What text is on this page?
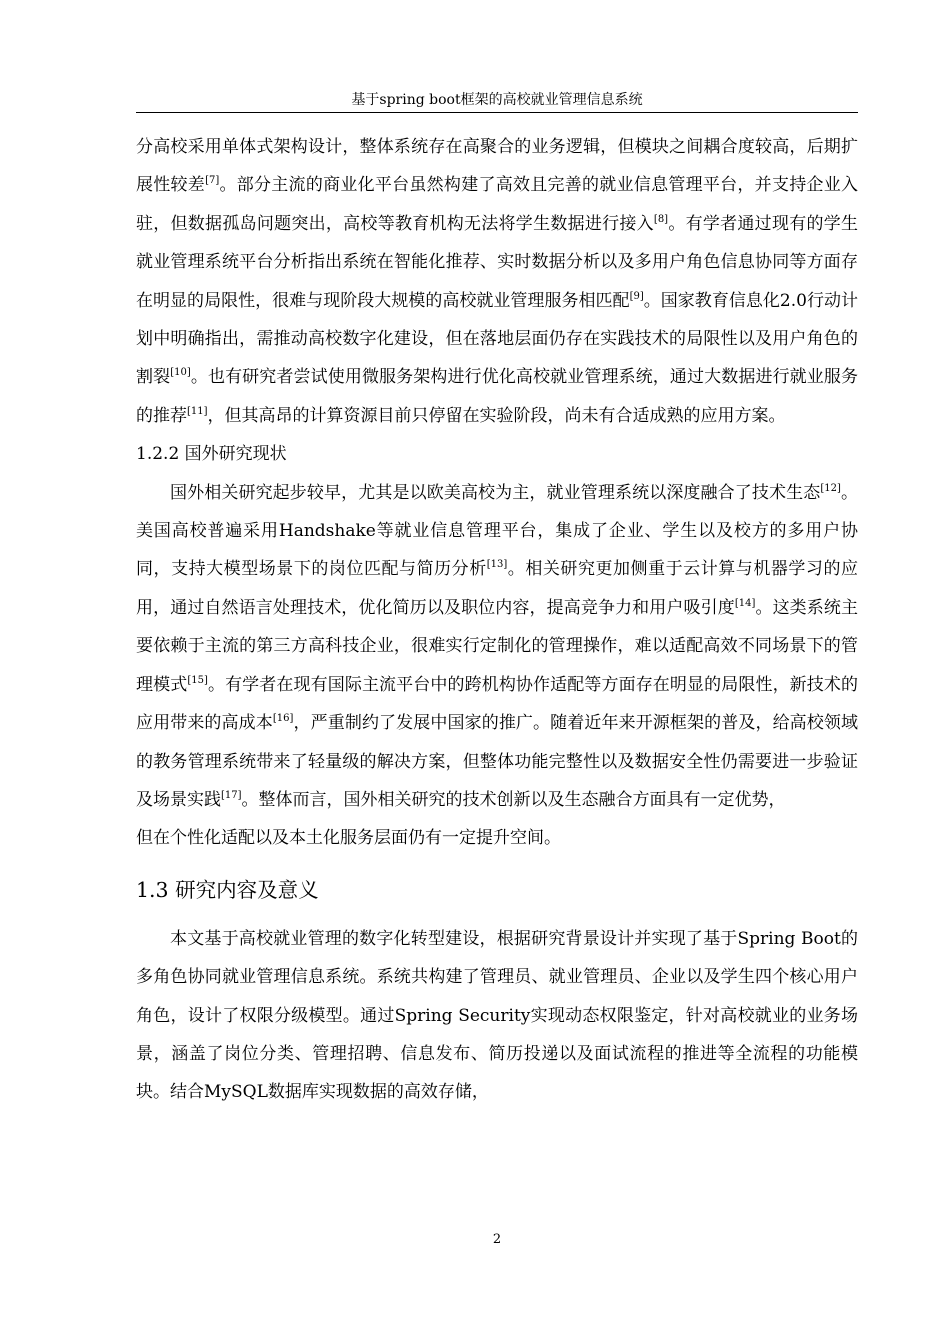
基于spring boot框架的高校就业管理信息系统

分高校采用单体式架构设计，整体系统存在高聚合的业务逻辑，但模块之间耦合度较高，后期扩展性较差[7]。部分主流的商业化平台虽然构建了高效且完善的就业信息管理平台，并支持企业入驻，但数据孤岛问题突出，高校等教育机构无法将学生数据进行接入[8]。有学者通过现有的学生就业管理系统平台分析指出系统在智能化推荐、实时数据分析以及多用户角色信息协同等方面存在明显的局限性，很难与现阶段大规模的高校就业管理服务相匹配[9]。国家教育信息化2.0行动计划中明确指出，需推动高校数字化建设，但在落地层面仍存在实践技术的局限性以及用户角色的割裂[10]。也有研究者尝试使用微服务架构进行优化高校就业管理系统，通过大数据进行就业服务的推荐[11]，但其高昂的计算资源目前只停留在实验阶段，尚未有合适成熟的应用方案。

1.2.2 国外研究现状

国外相关研究起步较早，尤其是以欧美高校为主，就业管理系统以深度融合了技术生态[12]。美国高校普遍采用Handshake等就业信息管理平台，集成了企业、学生以及校方的多用户协同，支持大模型场景下的岗位匹配与简历分析[13]。相关研究更加侧重于云计算与机器学习的应用，通过自然语言处理技术，优化简历以及职位内容，提高竞争力和用户吸引度[14]。这类系统主要依赖于主流的第三方高科技企业，很难实行定制化的管理操作，难以适配高效不同场景下的管理模式[15]。有学者在现有国际主流平台中的跨机构协作适配等方面存在明显的局限性，新技术的应用带来的高成本[16]，严重制约了发展中国家的推广。随着近年来开源框架的普及，给高校领域的教务管理系统带来了轻量级的解决方案，但整体功能完整性以及数据安全性仍需要进一步验证及场景实践[17]。整体而言，国外相关研究的技术创新以及生态融合方面具有一定优势，
但在个性化适配以及本土化服务层面仍有一定提升空间。

1.3 研究内容及意义

本文基于高校就业管理的数字化转型建设，根据研究背景设计并实现了基于Spring Boot的多角色协同就业管理信息系统。系统共构建了管理员、就业管理员、企业以及学生四个核心用户角色，设计了权限分级模型。通过Spring Security实现动态权限鉴定，针对高校就业的业务场景，涵盖了岗位分类、管理招聘、信息发布、简历投递以及面试流程的推进等全流程的功能模块。结合MySQL数据库实现数据的高效存储，

2
